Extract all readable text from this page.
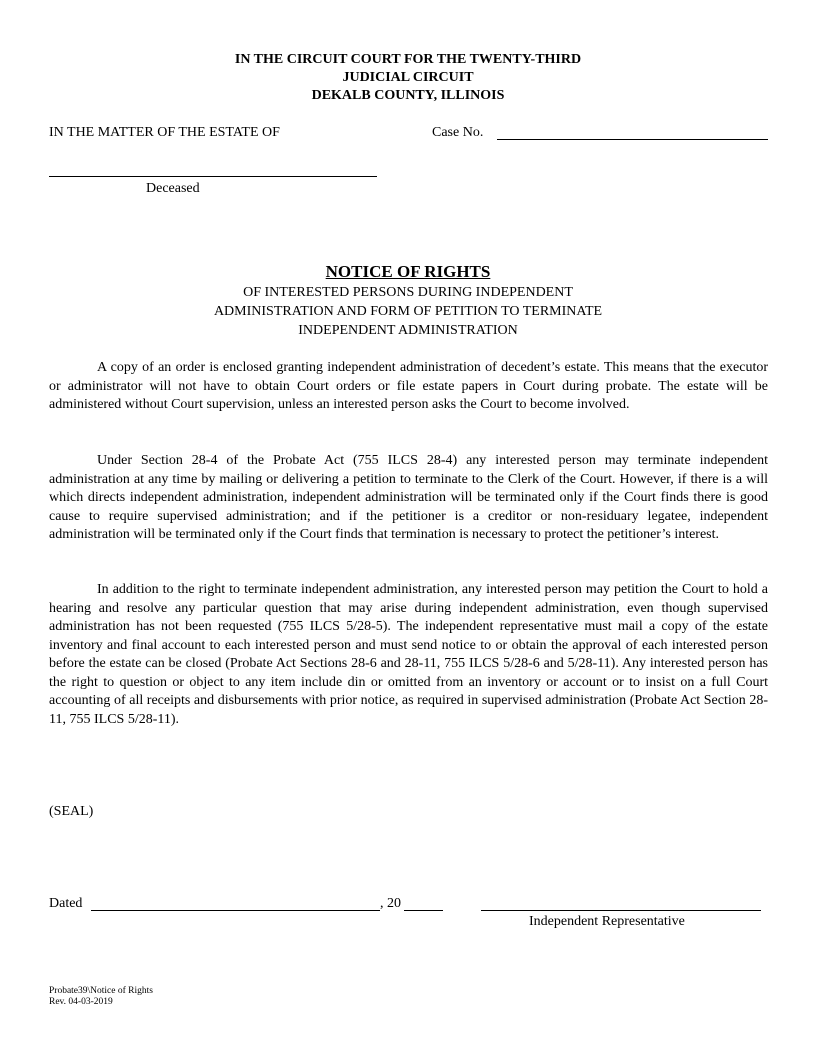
IN THE CIRCUIT COURT FOR THE TWENTY-THIRD
JUDICIAL CIRCUIT
DEKALB COUNTY, ILLINOIS
IN THE MATTER OF THE ESTATE OF	Case No.
Deceased
NOTICE OF RIGHTS
OF INTERESTED PERSONS DURING INDEPENDENT
ADMINISTRATION AND FORM OF PETITION TO TERMINATE
INDEPENDENT ADMINISTRATION

A copy of an order is enclosed granting independent administration of decedent’s estate. This means that the executor or administrator will not have to obtain Court orders or file estate papers in Court during probate. The estate will be administered without Court supervision, unless an interested person asks the Court to become involved.

Under Section 28-4 of the Probate Act (755 ILCS 28-4) any interested person may terminate independent administration at any time by mailing or delivering a petition to terminate to the Clerk of the Court. However, if there is a will which directs independent administration, independent administration will be terminated only if the Court finds there is good cause to require supervised administration; and if the petitioner is a creditor or non-residuary legatee, independent administration will be terminated only if the Court finds that termination is necessary to protect the petitioner’s interest.

In addition to the right to terminate independent administration, any interested person may petition the Court to hold a hearing and resolve any particular question that may arise during independent administration, even though supervised administration has not been requested (755 ILCS 5/28-5). The independent representative must mail a copy of the estate inventory and final account to each interested person and must send notice to or obtain the approval of each interested person before the estate can be closed (Probate Act Sections 28-6 and 28-11, 755 ILCS 5/28-6 and 5/28-11). Any interested person has the right to question or object to any item include din or omitted from an inventory or account or to insist on a full Court accounting of all receipts and disbursements with prior notice, as required in supervised administration (Probate Act Section 28-11, 755 ILCS 5/28-11).

(SEAL)
Dated	, 20
Independent Representative
Probate39\Notice of Rights
Rev. 04-03-2019
